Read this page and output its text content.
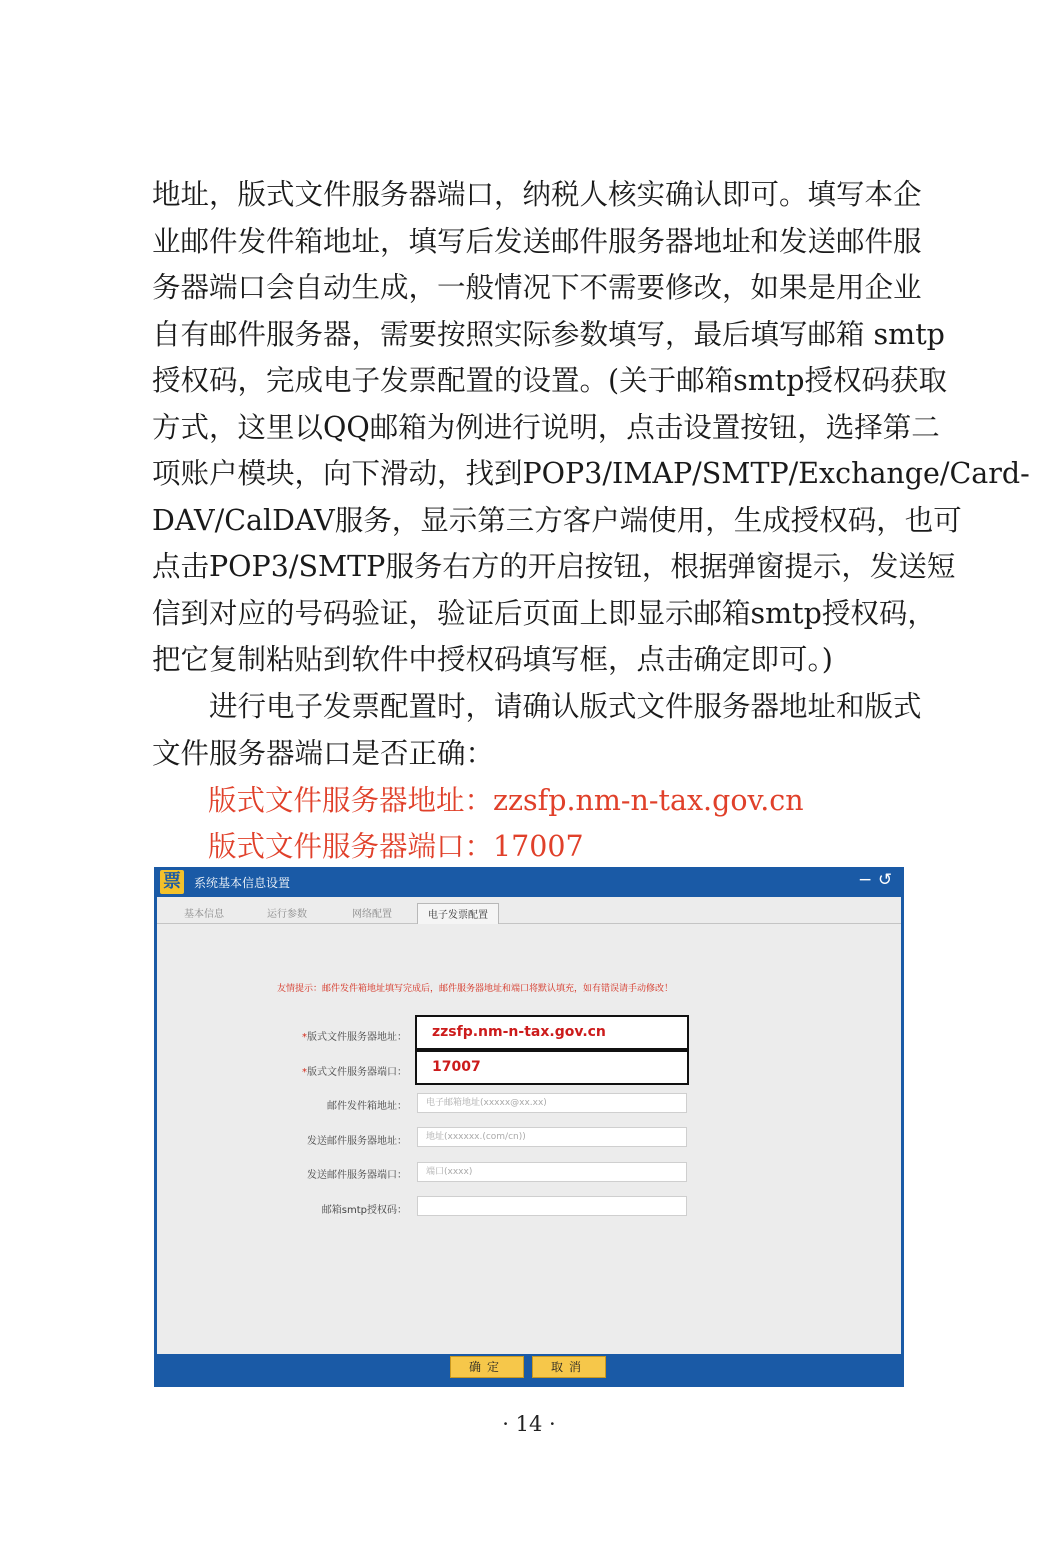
地址，版式文件服务器端口，纳税人核实确认即可。填写本企
业邮件发件箱地址，填写后发送邮件服务器地址和发送邮件服
务器端口会自动生成，一般情况下不需要修改，如果是用企业
自有邮件服务器，需要按照实际参数填写，最后填写邮箱 smtp
授权码，完成电子发票配置的设置。(关于邮箱smtp授权码获取
方式，这里以QQ邮箱为例进行说明，点击设置按钮，选择第二
项账户模块，向下滑动，找到POP3/IMAP/SMTP/Exchange/Card-
DAV/CalDAV服务，显示第三方客户端使用，生成授权码，也可
点击POP3/SMTP服务右方的开启按钮，根据弹窗提示，发送短
信到对应的号码验证，验证后页面上即显示邮箱smtp授权码，
把它复制粘贴到软件中授权码填写框，点击确定即可。)
进行电子发票配置时，请确认版式文件服务器地址和版式
文件服务器端口是否正确：
版式文件服务器地址：zzsfp.nm-n-tax.gov.cn
版式文件服务器端口：17007
票 系统基本信息设置	− ↺
基本信息	运行参数	网络配置	电子发票配置
友情提示：邮件发件箱地址填写完成后，邮件服务器地址和端口将默认填充，如有错误请手动修改！
*版式文件服务器地址：	zzsfp.nm-n-tax.gov.cn
*版式文件服务器端口：	17007
邮件发件箱地址：	电子邮箱地址(xxxxx@xx.xx)
发送邮件服务器地址：	地址(xxxxxx.(com/cn))
发送邮件服务器端口：	端口(xxxx)
邮箱smtp授权码：
确定	取消
· 14 ·
